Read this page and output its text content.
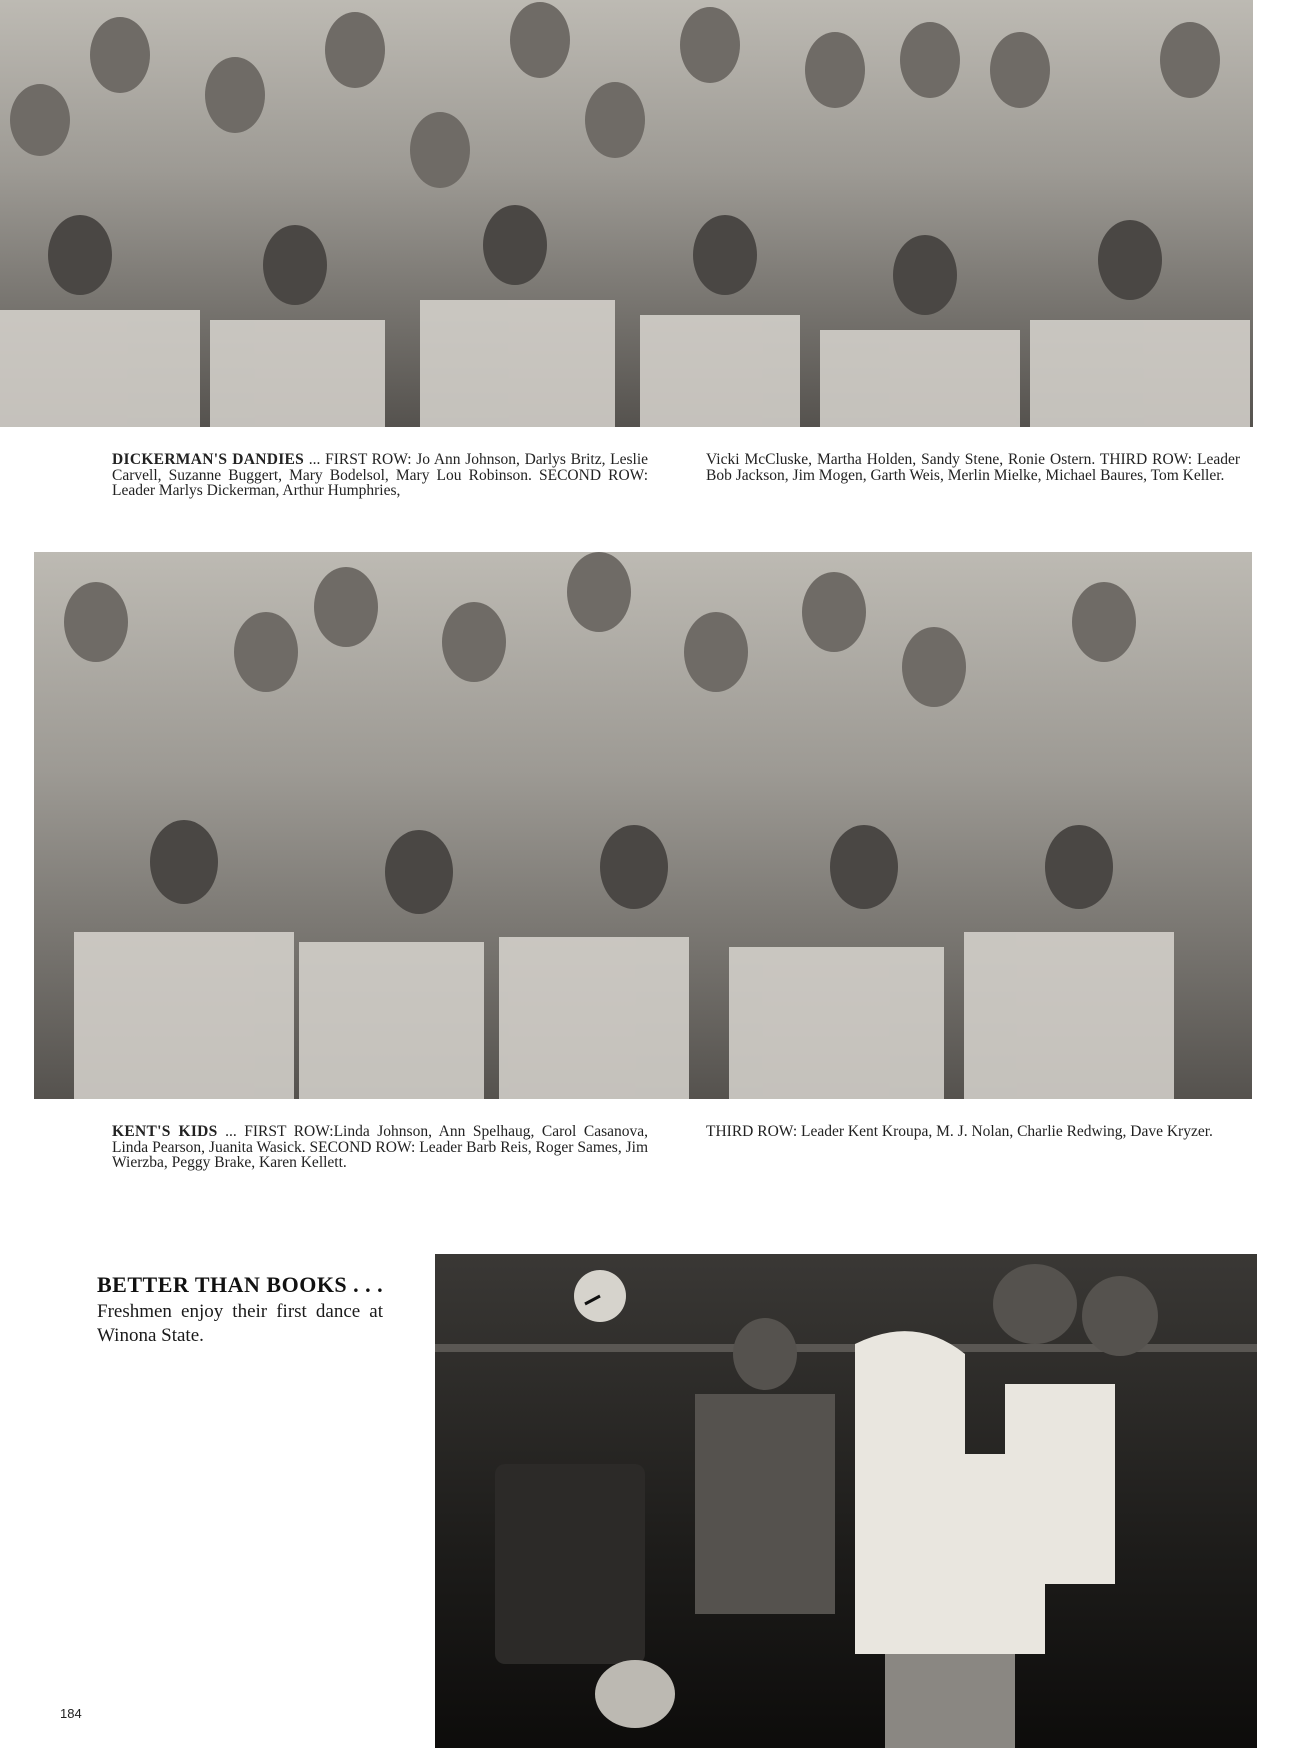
DICKERMAN'S DANDIES ... FIRST ROW: Jo Ann Johnson, Darlys Britz, Leslie Carvell, Suzanne Buggert, Mary Bodelsol, Mary Lou Robinson. SECOND ROW: Leader Marlys Dickerman, Arthur Humphries,
Vicki McCluske, Martha Holden, Sandy Stene, Ronie Ostern. THIRD ROW: Leader Bob Jackson, Jim Mogen, Garth Weis, Merlin Mielke, Michael Baures, Tom Keller.
KENT'S KIDS ... FIRST ROW:Linda Johnson, Ann Spelhaug, Carol Casanova, Linda Pearson, Juanita Wasick. SECOND ROW: Leader Barb Reis, Roger Sames, Jim Wierzba, Peggy Brake, Karen Kellett.
THIRD ROW: Leader Kent Kroupa, M. J. Nolan, Charlie Redwing, Dave Kryzer.
BETTER THAN BOOKS . . .
Freshmen enjoy their first dance at Winona State.
184
